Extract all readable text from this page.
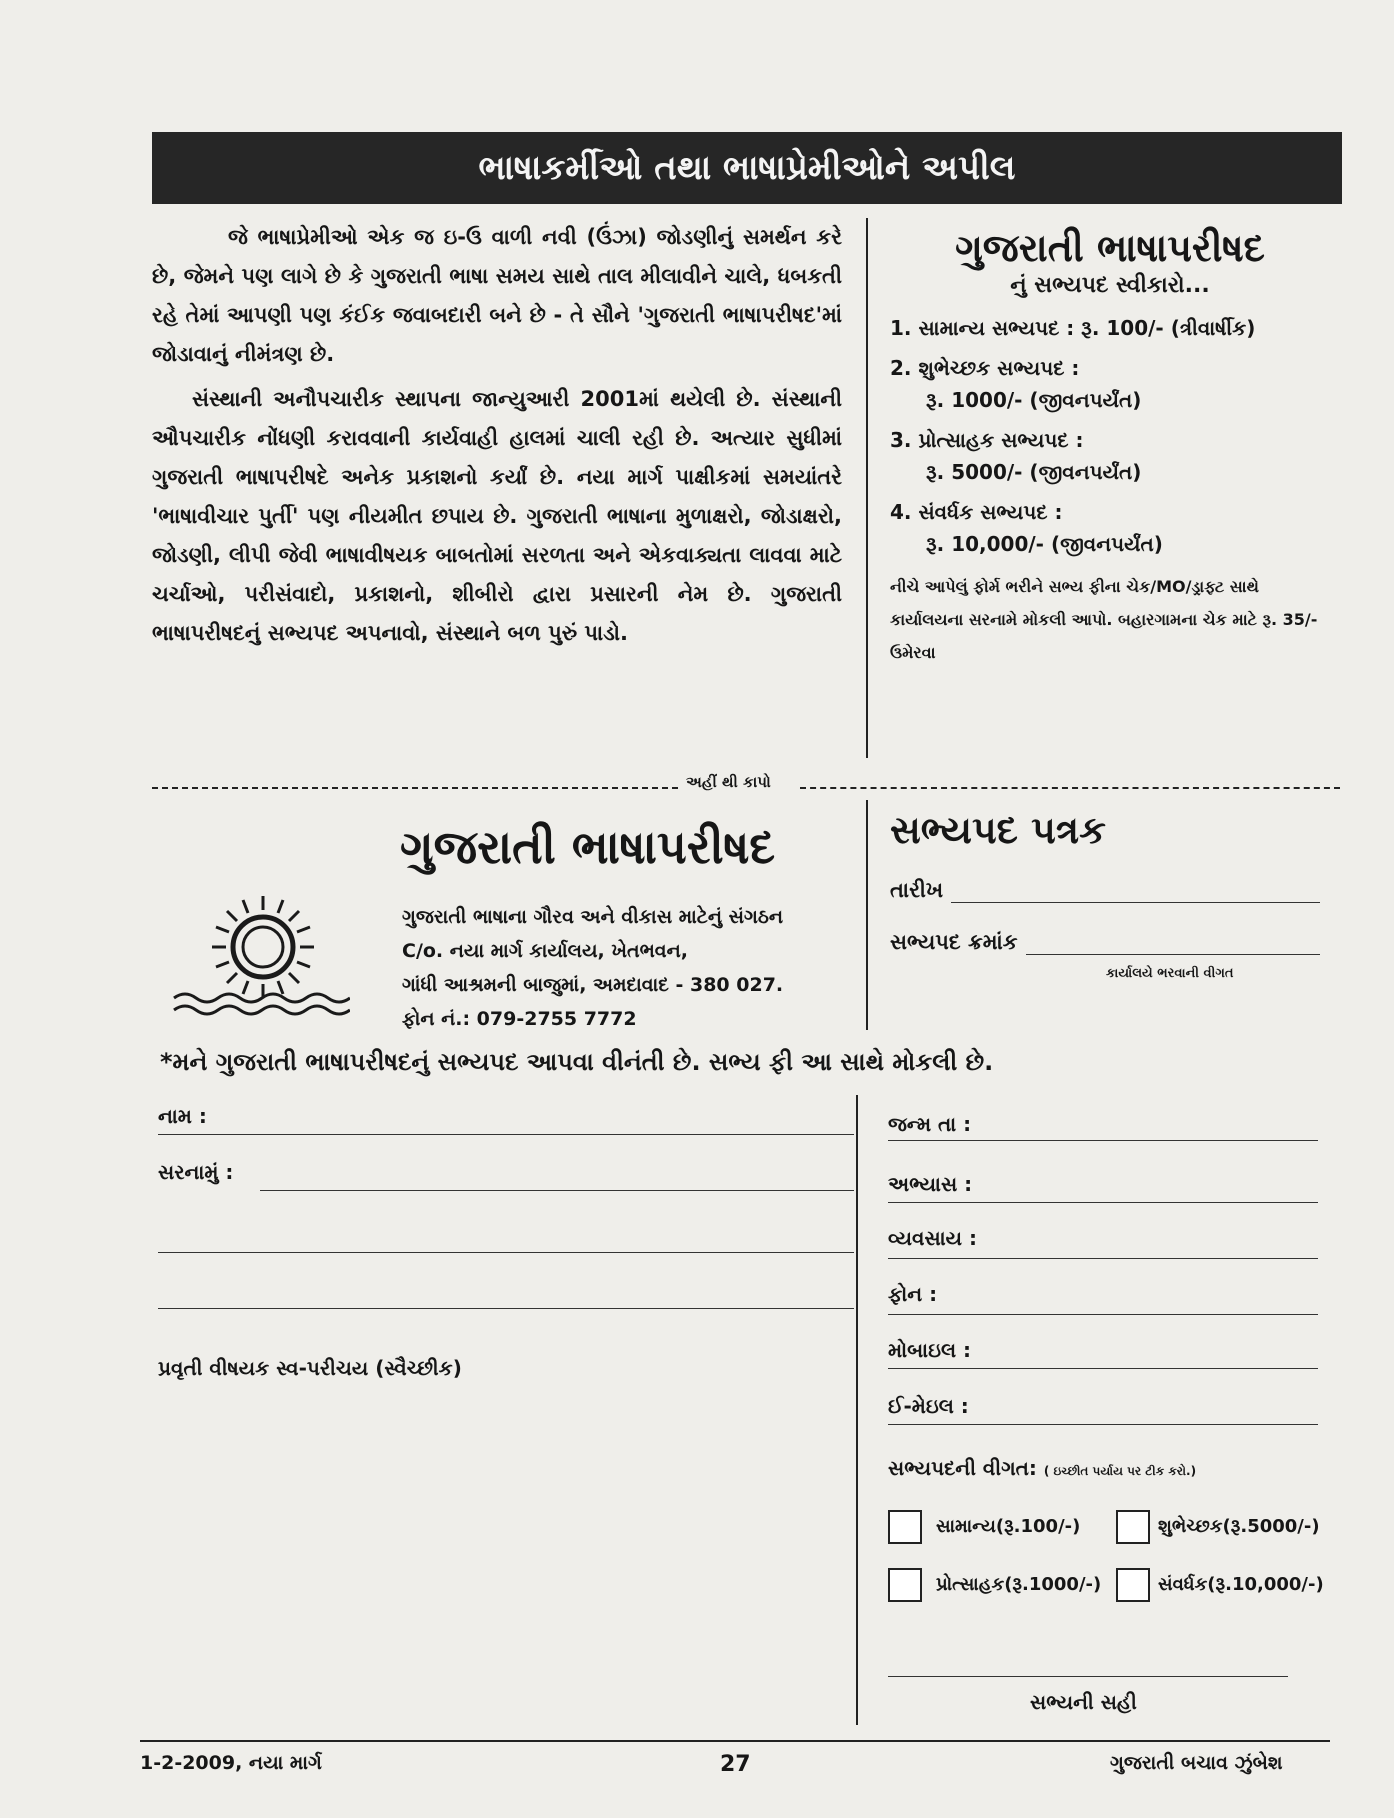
ભાષાકર્મીઓ તથા ભાષાપ્રેમીઓને અપીલ

જે ભાષાપ્રેમીઓ એક જ ઇ-ઉ વાળી નવી (ઉંઝા) જોડણીનું સમર્થન કરે છે, જેમને પણ લાગે છે કે ગુજરાતી ભાષા સમય સાથે તાલ મીલાવીને ચાલે, ધબકતી રહે તેમાં આપણી પણ કંઈક જવાબદારી બને છે - તે સૌને 'ગુજરાતી ભાષાપરીષદ'માં જોડાવાનું નીમંત્રણ છે.

સંસ્થાની અનૌપચારીક સ્થાપના જાન્યુઆરી 2001માં થયેલી છે. સંસ્થાની ઔપચારીક નોંધણી કરાવવાની કાર્યવાહી હાલમાં ચાલી રહી છે. અત્યાર સુધીમાં ગુજરાતી ભાષાપરીષદે અનેક પ્રકાશનો કર્યાં છે. નયા માર્ગ પાક્ષીકમાં સમયાંતરે 'ભાષાવીચાર પુર્તી' પણ નીયમીત છપાય છે. ગુજરાતી ભાષાના મુળાક્ષરો, જોડાક્ષરો, જોડણી, લીપી જેવી ભાષાવીષયક બાબતોમાં સરળતા અને એકવાક્યતા લાવવા માટે ચર્ચાઓ, પરીસંવાદો, પ્રકાશનો, શીબીરો દ્વારા પ્રસારની નેમ છે. ગુજરાતી ભાષાપરીષદનું સભ્યપદ અપનાવો, સંસ્થાને બળ પુરું પાડો.

ગુજરાતી ભાષાપરીષદ
નું સભ્યપદ સ્વીકારો...
1. સામાન્ય સભ્યપદ : રૂ. 100/- (ત્રીવાર્ષીક)
2. શુભેચ્છક સભ્યપદ :
રૂ. 1000/- (જીવનપર્યંત)
3. પ્રોત્સાહક સભ્યપદ :
રૂ. 5000/- (જીવનપર્યંત)
4. સંવર્ધક સભ્યપદ :
રૂ. 10,000/- (જીવનપર્યંત)
નીચે આપેલું ફોર્મ ભરીને સભ્ય ફીના ચેક/MO/ડ્રાફ્ટ સાથે કાર્યાલયના સરનામે મોકલી આપો. બહારગામના ચેક માટે રૂ. 35/- ઉમેરવા
અહીં થી કાપો
ગુજરાતી ભાષાપરીષદ
ગુજરાતી ભાષાના ગૌરવ અને વીકાસ માટેનું સંગઠન
C/o. નયા માર્ગ કાર્યાલય, ખેતભવન,
ગાંધી આશ્રમની બાજુમાં, અમદાવાદ - 380 027.
ફોન નં.: 079-2755 7772
સભ્યપદ પત્રક
તારીખ
સભ્યપદ ક્રમાંક
કાર્યાલયે ભરવાની વીગત
*મને ગુજરાતી ભાષાપરીષદનું સભ્યપદ આપવા વીનંતી છે. સભ્ય ફી આ સાથે મોકલી છે.
નામ :
સરનામું :
પ્રવૃતી વીષયક સ્વ-પરીચય (સ્વૈચ્છીક)
જન્મ તા :
અભ્યાસ :
વ્યવસાય :
ફોન :
મોબાઇલ :
ઈ-મેઇલ :
સભ્યપદની વીગત: ( ઇચ્છીત પર્યાય પર ટીક કરો.)
સામાન્ય(રૂ.100/-)	શુભેચ્છક(રૂ.5000/-)
પ્રોત્સાહક(રૂ.1000/-)	સંવર્ધક(રૂ.10,000/-)
સભ્યની સહી
1-2-2009, નયા માર્ગ	27	ગુજરાતી બચાવ ઝુંબેશ
